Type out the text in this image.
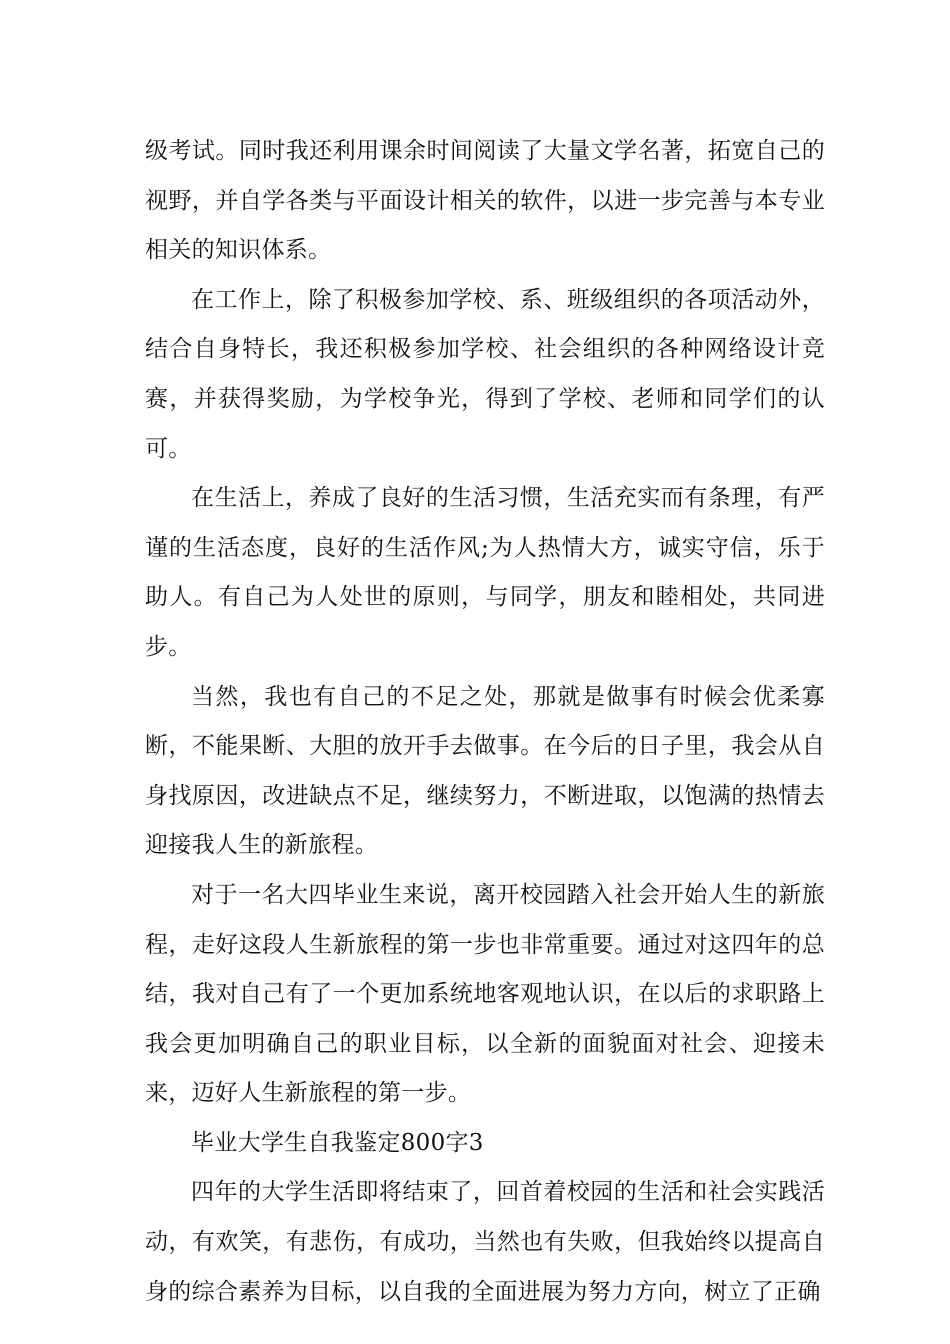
级考试。同时我还利用课余时间阅读了大量文学名著，拓宽自己的视野，并自学各类与平面设计相关的软件，以进一步完善与本专业相关的知识体系。

在工作上，除了积极参加学校、系、班级组织的各项活动外，结合自身特长，我还积极参加学校、社会组织的各种网络设计竞赛，并获得奖励，为学校争光，得到了学校、老师和同学们的认可。

在生活上，养成了良好的生活习惯，生活充实而有条理，有严谨的生活态度，良好的生活作风;为人热情大方，诚实守信，乐于助人。有自己为人处世的原则，与同学，朋友和睦相处，共同进步。

当然，我也有自己的不足之处，那就是做事有时候会优柔寡断，不能果断、大胆的放开手去做事。在今后的日子里，我会从自身找原因，改进缺点不足，继续努力，不断进取，以饱满的热情去迎接我人生的新旅程。

对于一名大四毕业生来说，离开校园踏入社会开始人生的新旅程，走好这段人生新旅程的第一步也非常重要。通过对这四年的总结，我对自己有了一个更加系统地客观地认识，在以后的求职路上我会更加明确自己的职业目标，以全新的面貌面对社会、迎接未来，迈好人生新旅程的第一步。

毕业大学生自我鉴定800字3

四年的大学生活即将结束了，回首着校园的生活和社会实践活动，有欢笑，有悲伤，有成功，当然也有失败，但我始终以提高自身的综合素养为目标，以自我的全面进展为努力方向，树立了正确
